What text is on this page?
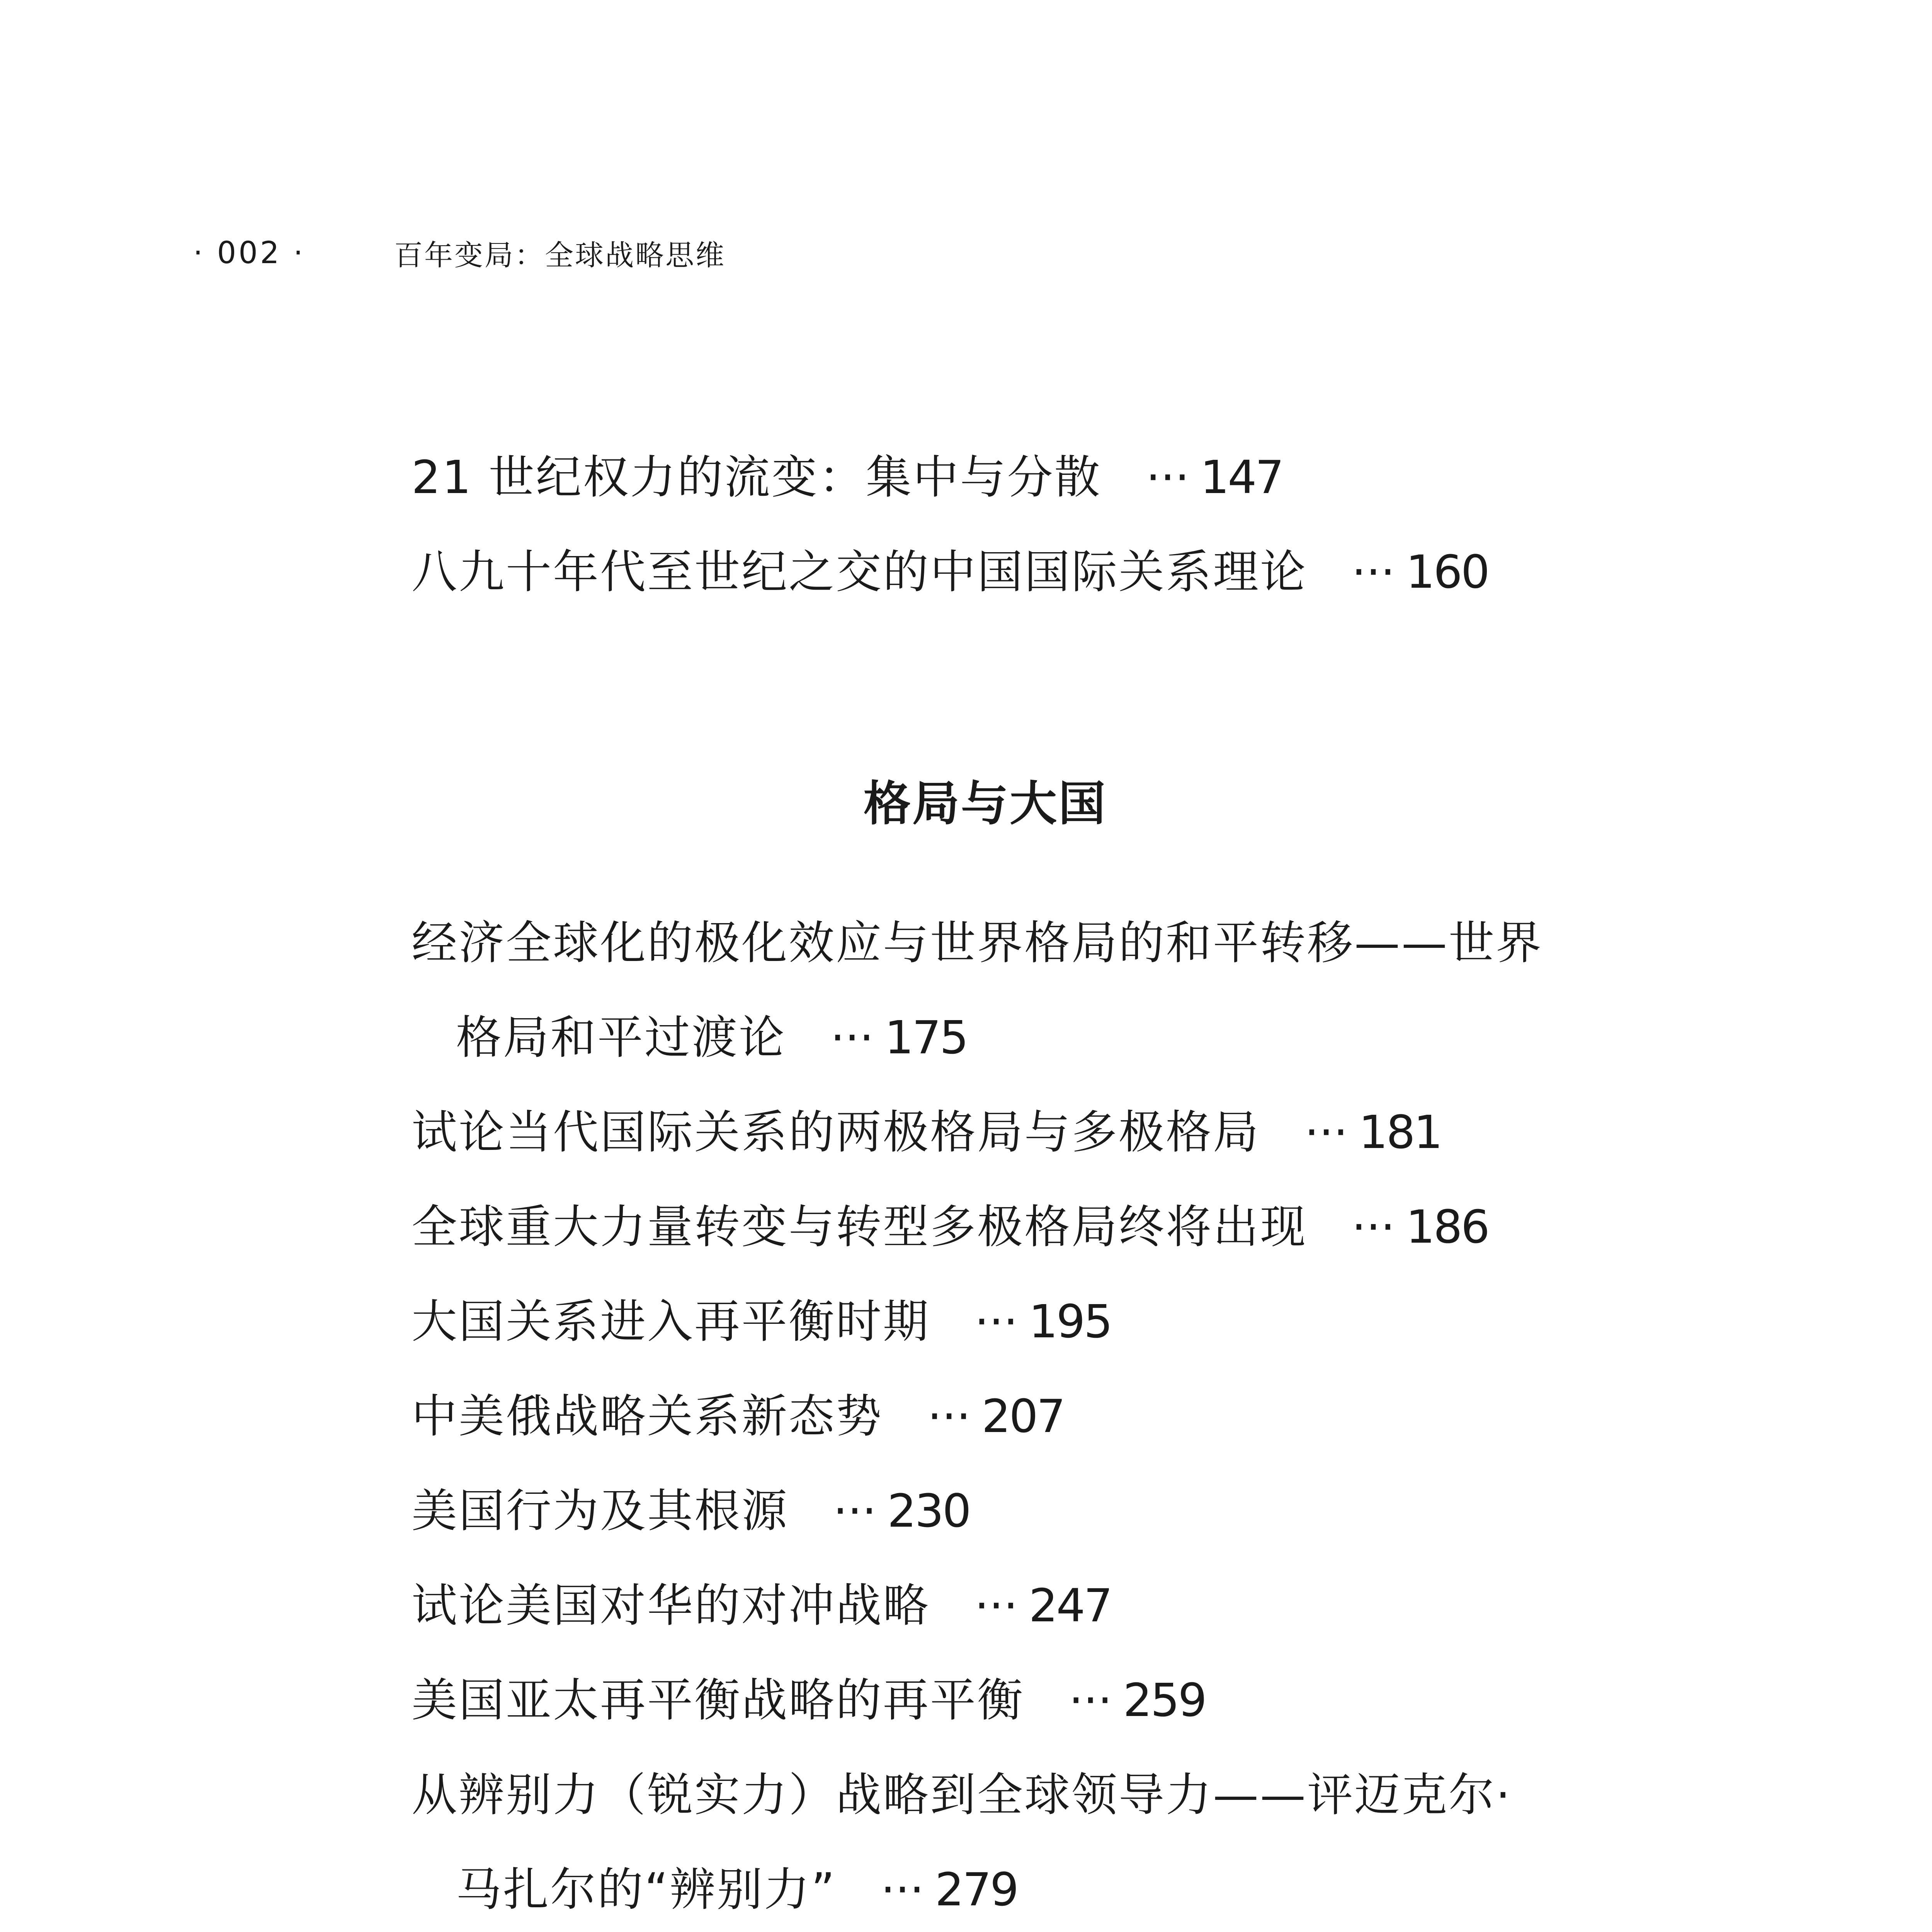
· 002 ·	百年变局：全球战略思维
21 世纪权力的流变：集中与分散 ··· 147
八九十年代至世纪之交的中国国际关系理论 ··· 160
格局与大国
经济全球化的极化效应与世界格局的和平转移——世界
格局和平过渡论 ··· 175
试论当代国际关系的两极格局与多极格局 ··· 181
全球重大力量转变与转型多极格局终将出现 ··· 186
大国关系进入再平衡时期 ··· 195
中美俄战略关系新态势 ··· 207
美国行为及其根源 ··· 230
试论美国对华的对冲战略 ··· 247
美国亚太再平衡战略的再平衡 ··· 259
从辨别力（锐实力）战略到全球领导力——评迈克尔·
马扎尔的“辨别力” ··· 279
